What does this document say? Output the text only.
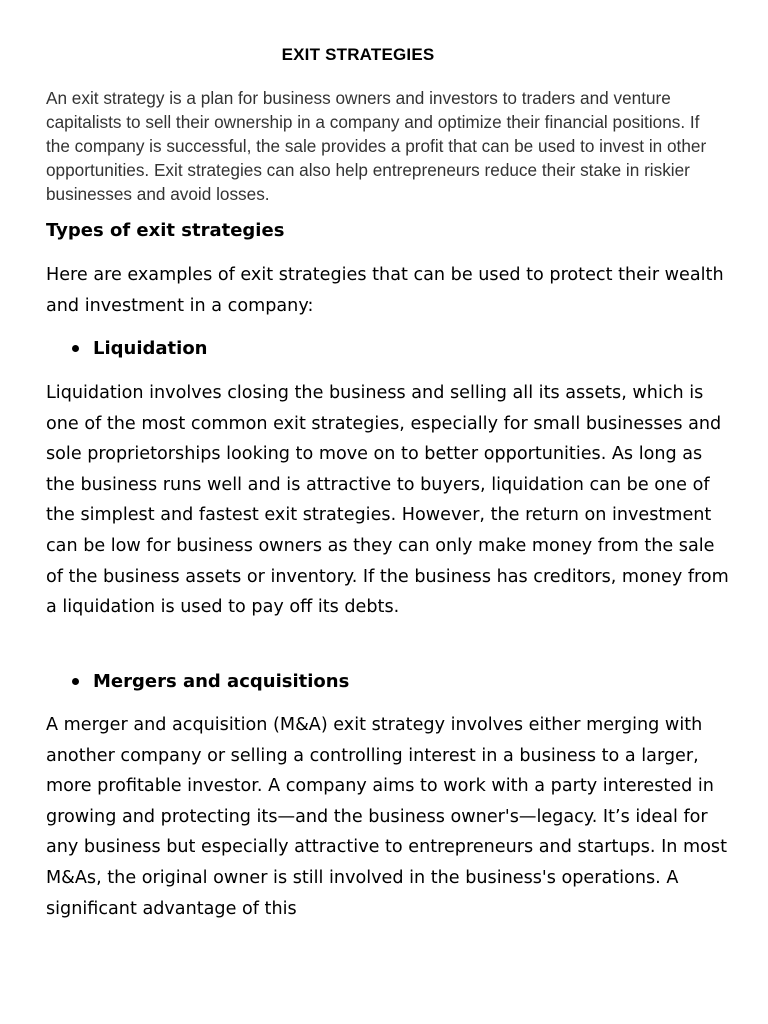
EXIT STRATEGIES

An exit strategy is a plan for business owners and investors to traders and venture capitalists to sell their ownership in a company and optimize their financial positions. If the company is successful, the sale provides a profit that can be used to invest in other opportunities. Exit strategies can also help entrepreneurs reduce their stake in riskier businesses and avoid losses.

Types of exit strategies

Here are examples of exit strategies that can be used to protect their wealth and investment in a company:

Liquidation

Liquidation involves closing the business and selling all its assets, which is one of the most common exit strategies, especially for small businesses and sole proprietorships looking to move on to better opportunities. As long as the business runs well and is attractive to buyers, liquidation can be one of the simplest and fastest exit strategies. However, the return on investment can be low for business owners as they can only make money from the sale of the business assets or inventory. If the business has creditors, money from a liquidation is used to pay off its debts.

Mergers and acquisitions

A merger and acquisition (M&A) exit strategy involves either merging with another company or selling a controlling interest in a business to a larger, more profitable investor. A company aims to work with a party interested in growing and protecting its—and the business owner's—legacy. It’s ideal for any business but especially attractive to entrepreneurs and startups. In most M&As, the original owner is still involved in the business's operations. A significant advantage of this
